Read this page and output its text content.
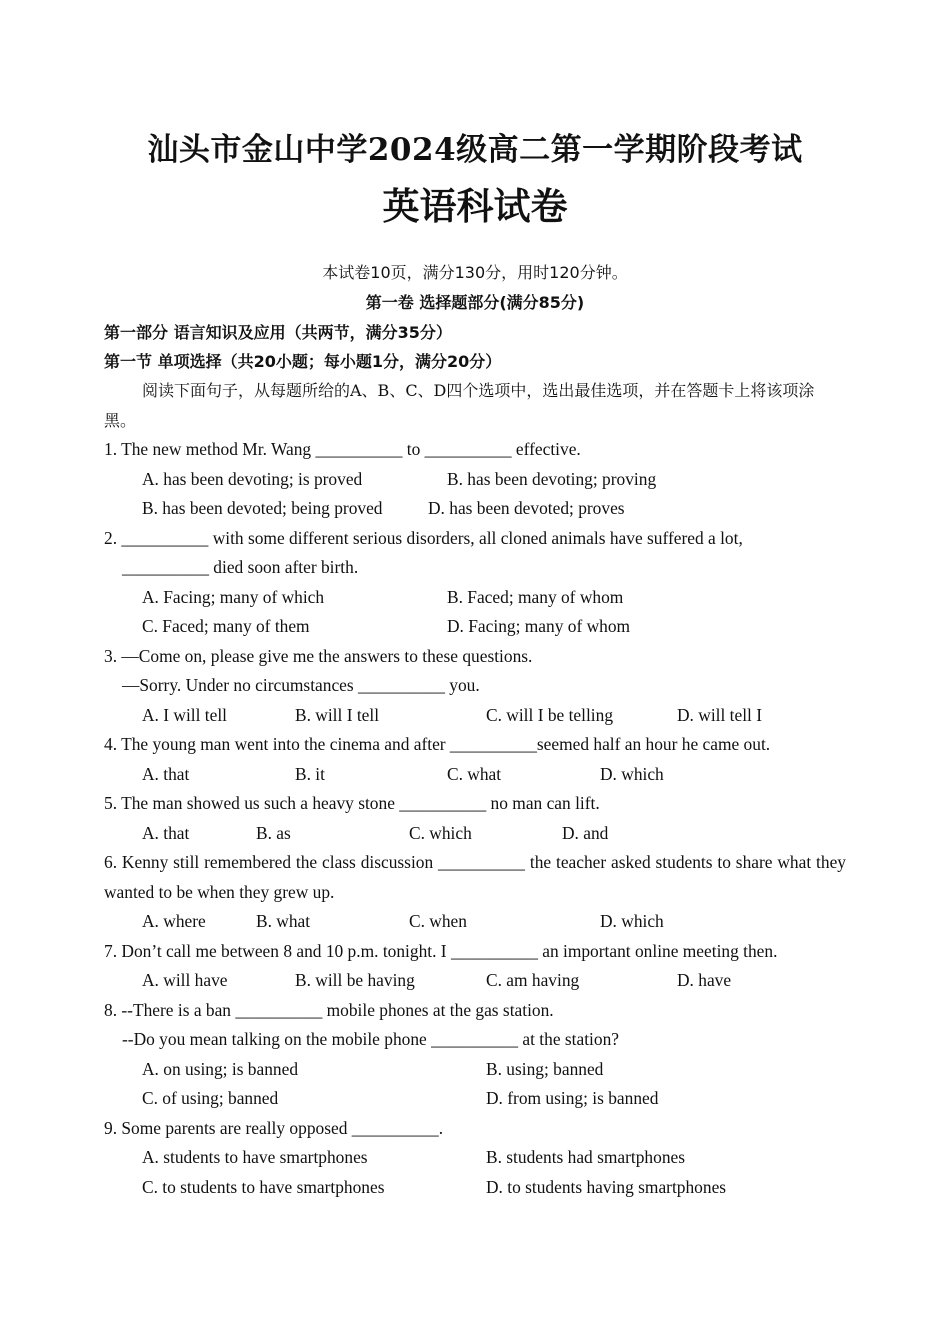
汕头市金山中学2024级高二第一学期阶段考试
英语科试卷
本试卷10页，满分130分，用时120分钟。
第一卷 选择题部分(满分85分)
第一部分 语言知识及应用（共两节，满分35分）
第一节 单项选择（共20小题；每小题1分，满分20分）
阅读下面句子，从每题所给的A、B、C、D四个选项中，选出最佳选项，并在答题卡上将该项涂黑。
1. The new method Mr. Wang __________ to __________ effective.
A. has been devoting; is proved	B. has been devoting; proving
B. has been devoted; being proved	D. has been devoted; proves
2. __________ with some different serious disorders, all cloned animals have suffered a lot,
__________ died soon after birth.
A. Facing; many of which	B. Faced; many of whom
C. Faced; many of them	D. Facing; many of whom
3. —Come on, please give me the answers to these questions.
—Sorry. Under no circumstances __________ you.
A. I will tell	B. will I tell	C. will I be telling	D. will tell I
4. The young man went into the cinema and after __________seemed half an hour he came out.
A. that	B. it	C. what	D. which
5. The man showed us such a heavy stone __________ no man can lift.
A. that	B. as	C. which	D. and
6. Kenny still remembered the class discussion __________ the teacher asked students to share what they wanted to be when they grew up.
A. where	B. what	C. when	D. which
7. Don’t call me between 8 and 10 p.m. tonight. I __________ an important online meeting then.
A. will have	B. will be having	C. am having	D. have
8. --There is a ban __________ mobile phones at the gas station.
--Do you mean talking on the mobile phone __________ at the station?
A. on using; is banned	B. using; banned
C. of using; banned	D. from using; is banned
9. Some parents are really opposed __________.
A. students to have smartphones	B. students had smartphones
C. to students to have smartphones	D. to students having smartphones
